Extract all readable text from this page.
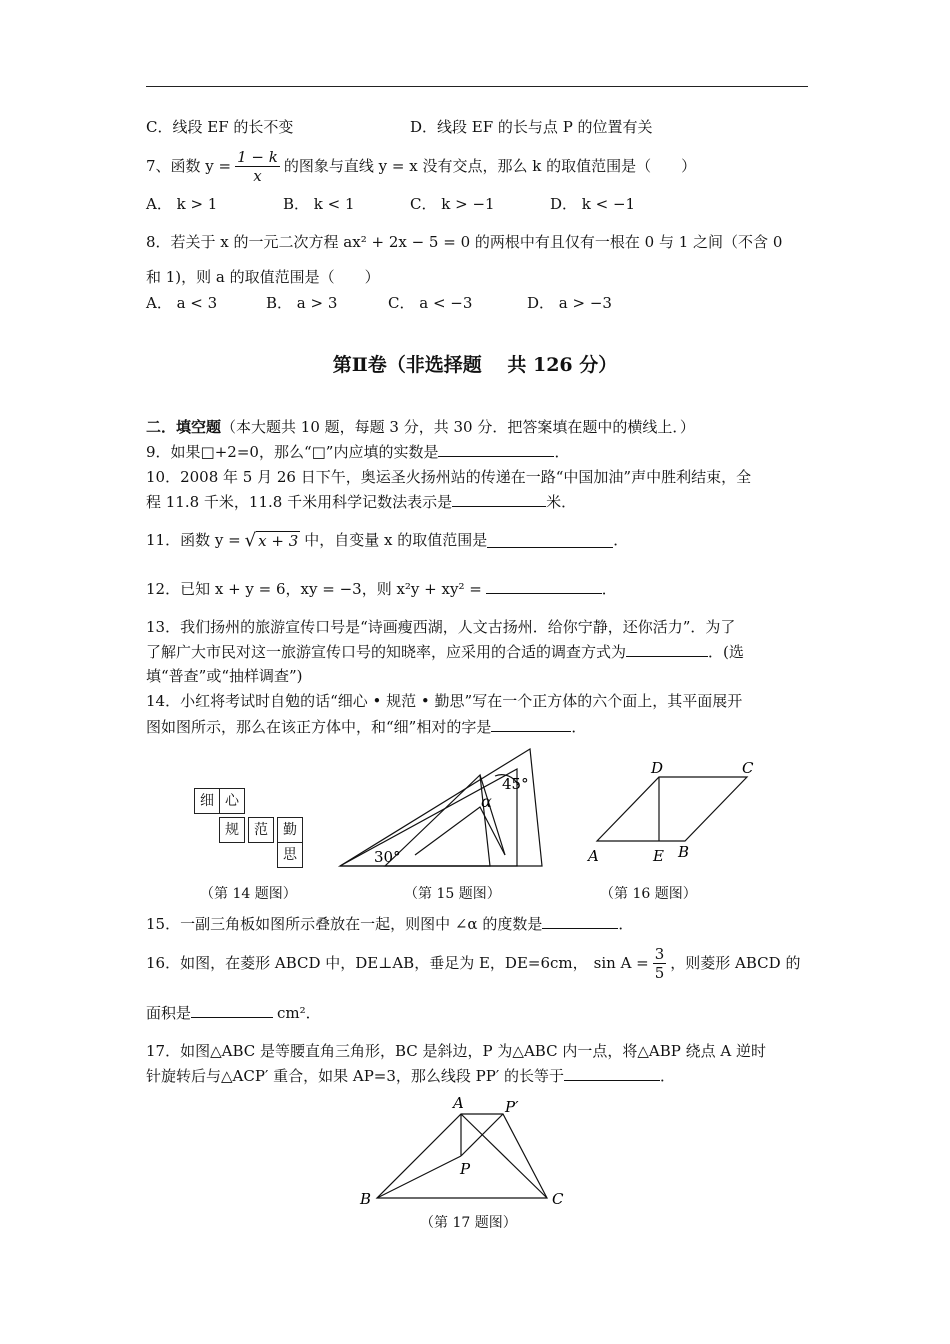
C．线段 EF 的长不变	D．线段 EF 的长与点 P 的位置有关
7、函数 $y = \frac{1 - k}{x}$ 的图象与直线 y = x 没有交点，那么 k 的取值范围是（　　）
A． k > 1	B． k < 1	C． k > −1	D． k < −1
8．若关于 x 的一元二次方程 ax² + 2x − 5 = 0 的两根中有且仅有一根在 0 与 1 之间（不含 0
和 1)，则 a 的取值范围是（　　）
A． a < 3	B． a > 3	C． a < −3	D． a > −3
第Ⅱ卷（非选择题　 共 126 分）
二．填空题（本大题共 10 题，每题 3 分，共 30 分．把答案填在题中的横线上．）
9．如果□+2=0，那么“□”内应填的实数是	．
10．2008 年 5 月 26 日下午，奥运圣火扬州站的传递在一路“中国加油”声中胜利结束，全
程 11.8 千米，11.8 千米用科学记数法表示是	米．
11．函数 y = √ x + 3 中，自变量 x 的取值范围是	．
12．已知 x + y = 6，xy = −3，则 x²y + xy² =	．
13．我们扬州的旅游宣传口号是“诗画瘦西湖，人文古扬州．给你宁静，还你活力”．为了
了解广大市民对这一旅游宣传口号的知晓率，应采用的合适的调查方式为	．(选
填“普查”或“抽样调查”)
14．小红将考试时自勉的话“细心 • 规范 • 勤思”写在一个正方体的六个面上，其平面展开
图如图所示，那么在该正方体中，和“细”相对的字是	．
细 心
规	范	勤
思
（第 14 题图）
45°
α
30°
（第 15 题图）
D	C
A	E B
（第 16 题图）
15．一副三角板如图所示叠放在一起，则图中 ∠α 的度数是	．
16．如图，在菱形 ABCD 中，DE⊥AB，垂足为 E，DE=6cm， $\sin A = \frac{3}{5}$ ，则菱形 ABCD 的
面积是	cm²．
17．如图△ABC 是等腰直角三角形，BC 是斜边，P 为△ABC 内一点，将△ABP 绕点 A 逆时
针旋转后与△ACP′ 重合，如果 AP=3，那么线段 PP′ 的长等于	．
A	P′
P
B	C
（第 17 题图）
